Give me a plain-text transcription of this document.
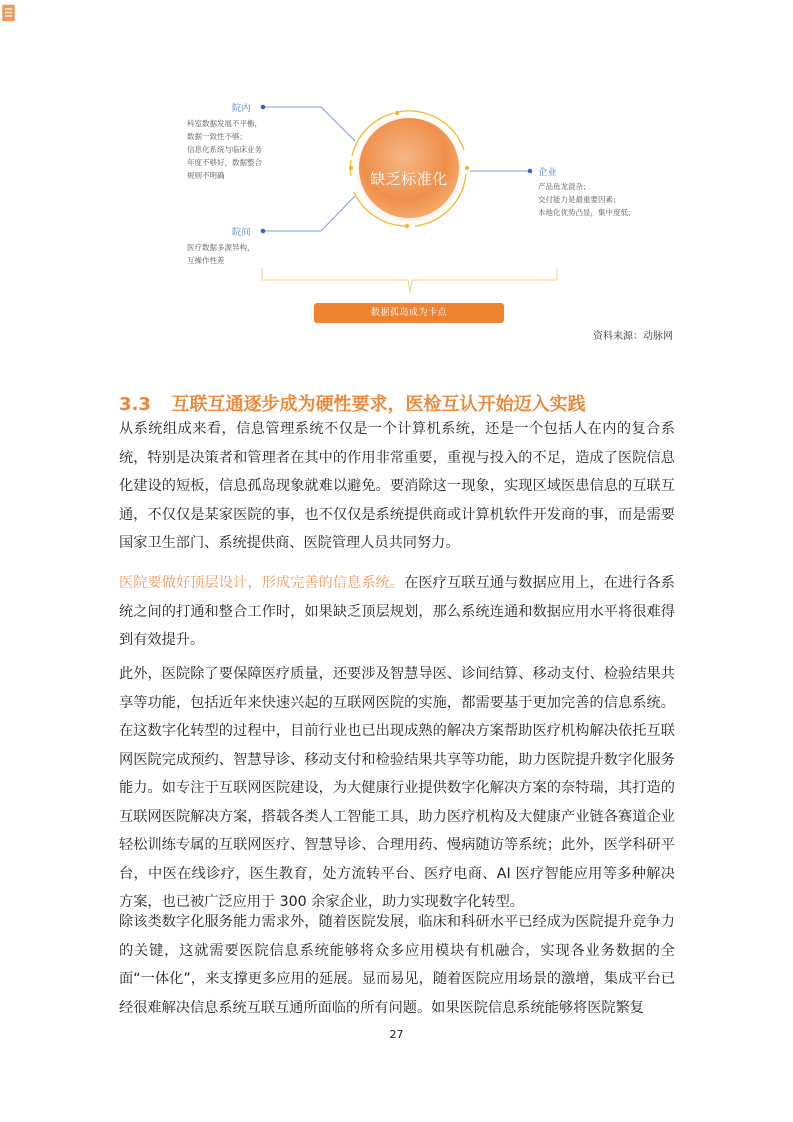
缺乏标准化
院内
科室数据发展不平衡，
数据一致性不够；
信息化系统与临床业务
年度不够好，数据整合
规则不明确
院间
医疗数据多源异构，
互操作性差
企业
产品鱼龙混杂；
交付能力是最重要因素；
本地化优势凸显，集中度低；
数据孤岛成为卡点
资料来源：动脉网
3.3 互联互通逐步成为硬性要求，医检互认开始迈入实践

从系统组成来看，信息管理系统不仅是一个计算机系统，还是一个包括人在内的复合系统，特别是决策者和管理者在其中的作用非常重要，重视与投入的不足，造成了医院信息化建设的短板，信息孤岛现象就难以避免。要消除这一现象，实现区域医患信息的互联互通，不仅仅是某家医院的事，也不仅仅是系统提供商或计算机软件开发商的事，而是需要国家卫生部门、系统提供商、医院管理人员共同努力。

医院要做好顶层设计，形成完善的信息系统。在医疗互联互通与数据应用上，在进行各系统之间的打通和整合工作时，如果缺乏顶层规划，那么系统连通和数据应用水平将很难得到有效提升。

此外，医院除了要保障医疗质量，还要涉及智慧导医、诊间结算、移动支付、检验结果共享等功能，包括近年来快速兴起的互联网医院的实施，都需要基于更加完善的信息系统。在这数字化转型的过程中，目前行业也已出现成熟的解决方案帮助医疗机构解决依托互联网医院完成预约、智慧导诊、移动支付和检验结果共享等功能，助力医院提升数字化服务能力。如专注于互联网医院建设，为大健康行业提供数字化解决方案的奈特瑞，其打造的互联网医院解决方案，搭载各类人工智能工具，助力医疗机构及大健康产业链各赛道企业轻松训练专属的互联网医疗、智慧导诊、合理用药、慢病随访等系统；此外，医学科研平台，中医在线诊疗，医生教育，处方流转平台、医疗电商、AI 医疗智能应用等多种解决方案，也已被广泛应用于 300 余家企业，助力实现数字化转型。

除该类数字化服务能力需求外，随着医院发展，临床和科研水平已经成为医院提升竞争力的关键，这就需要医院信息系统能够将众多应用模块有机融合，实现各业务数据的全面“一体化”，来支撑更多应用的延展。显而易见，随着医院应用场景的激增，集成平台已经很难解决信息系统互联互通所面临的所有问题。如果医院信息系统能够将医院繁复

27
